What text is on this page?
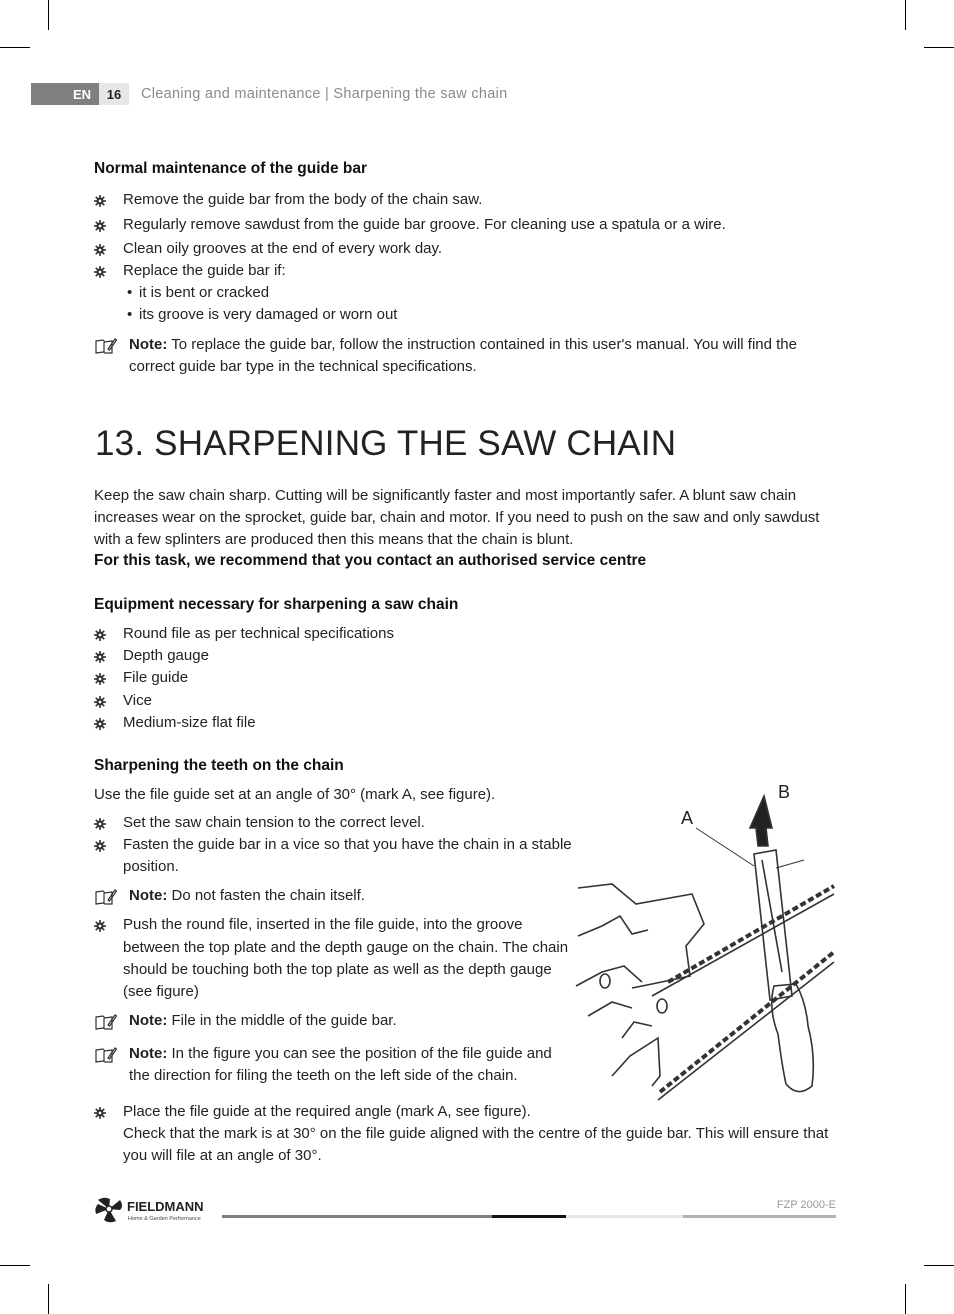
EN	16	Cleaning and maintenance | Sharpening the saw chain
Normal maintenance of the guide bar
Remove the guide bar from the body of the chain saw.
Regularly remove sawdust from the guide bar groove. For cleaning use a spatula or a wire.
Clean oily grooves at the end of every work day.
Replace the guide bar if:
• it is bent or cracked
• its groove is very damaged or worn out
Note: To replace the guide bar, follow the instruction contained in this user's manual. You will find the
correct guide bar type in the technical specifications.
13. SHARPENING THE SAW CHAIN
Keep the saw chain sharp. Cutting will be significantly faster and most importantly safer. A blunt saw chain
increases wear on the sprocket, guide bar, chain and motor. If you need to push on the saw and only sawdust
with a few splinters are produced then this means that the chain is blunt.
For this task, we recommend that you contact an authorised service centre
Equipment necessary for sharpening a saw chain
Round file as per technical specifications
Depth gauge
File guide
Vice
Medium-size flat file
Sharpening the teeth on the chain
Use the file guide set at an angle of 30° (mark A, see figure).
Set the saw chain tension to the correct level.
Fasten the guide bar in a vice so that you have the chain in a stable
position.
Note: Do not fasten the chain itself.
Push the round file, inserted in the file guide, into the groove
between the top plate and the depth gauge on the chain. The chain
should be touching both the top plate as well as the depth gauge
(see figure)
Note: File in the middle of the guide bar.
Note: In the figure you can see the position of the file guide and
the direction for filing the teeth on the left side of the chain.
Place the file guide at the required angle (mark A, see figure).
Check that the mark is at 30° on the file guide aligned with the centre of the guide bar. This will ensure that
you will file at an angle of 30°.
A
B
FIELDMANN
Home & Garden Performance
FZP 2000-E
